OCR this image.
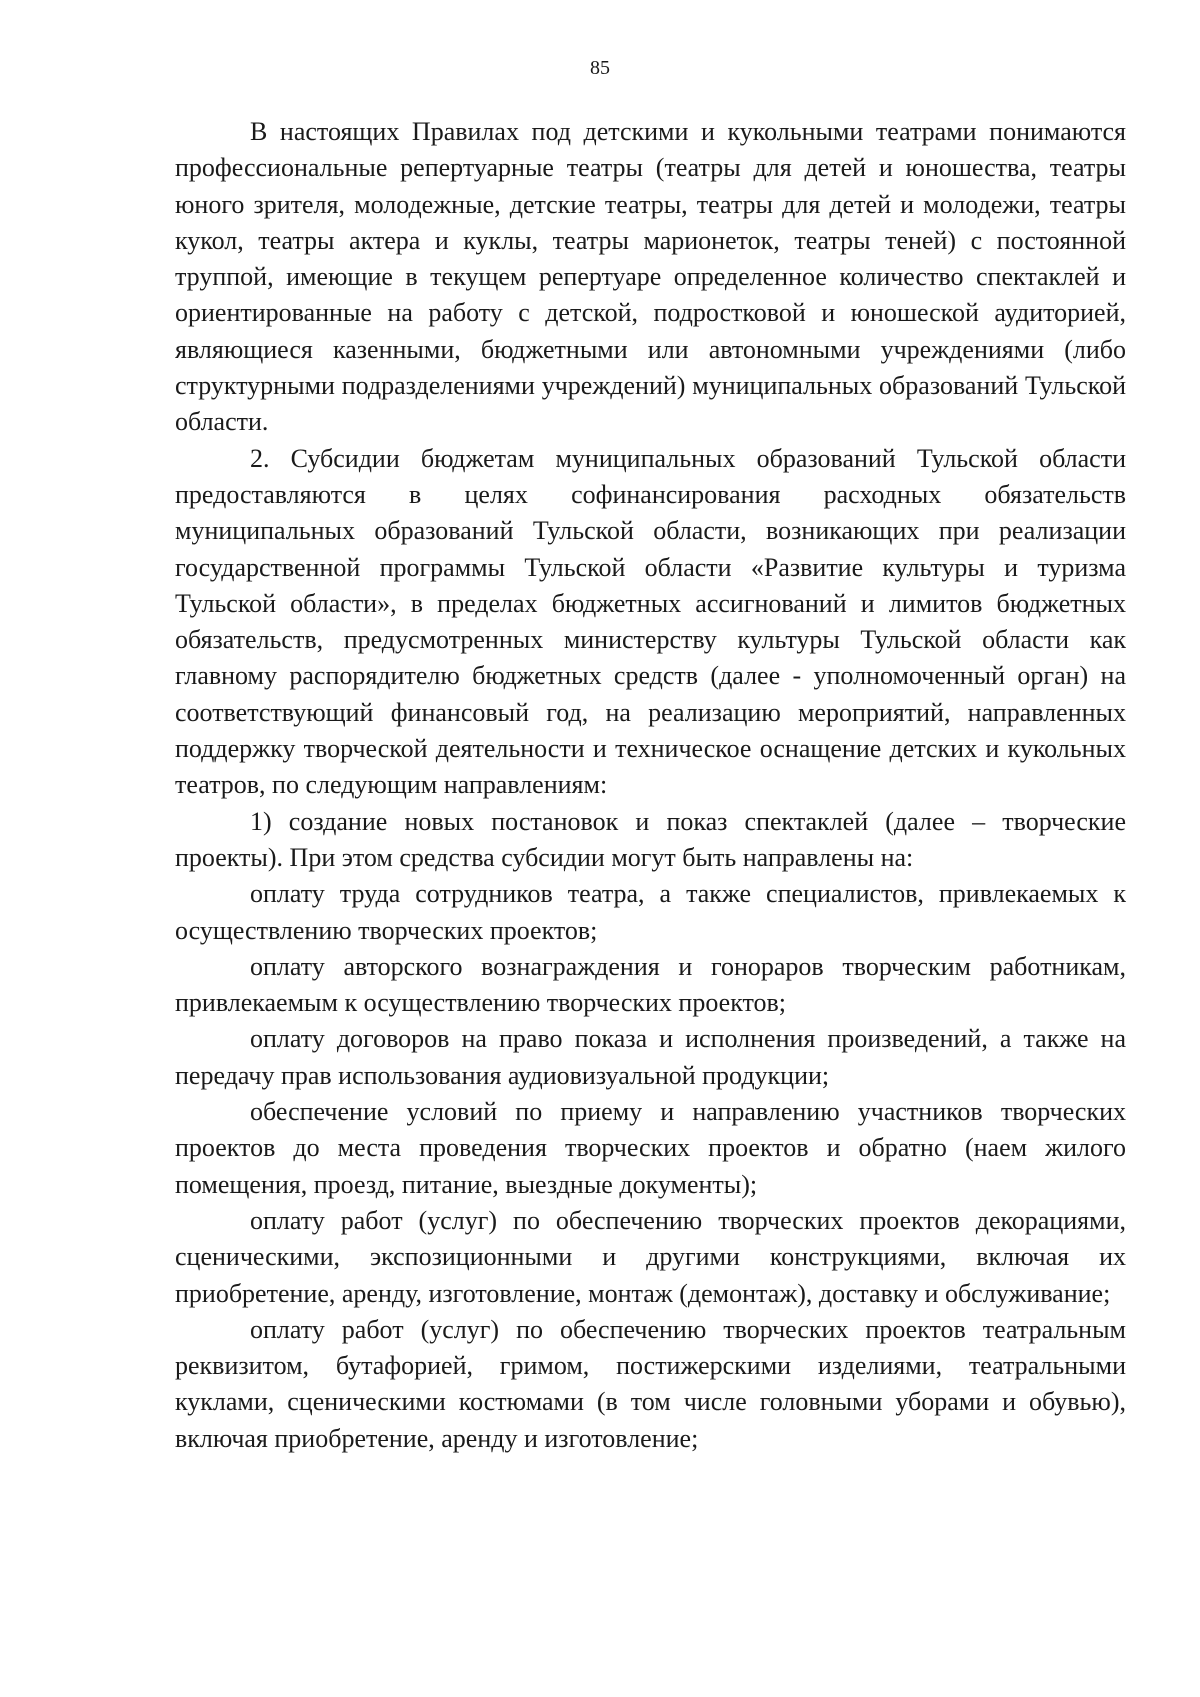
85

В настоящих Правилах под детскими и кукольными театрами понимаются профессиональные репертуарные театры (театры для детей и юношества, театры юного зрителя, молодежные, детские театры, театры для детей и молодежи, театры кукол, театры актера и куклы, театры марионеток, театры теней) с постоянной труппой, имеющие в текущем репертуаре определенное количество спектаклей и ориентированные на работу с детской, подростковой и юношеской аудиторией, являющиеся казенными, бюджетными или автономными учреждениями (либо структурными подразделениями учреждений) муниципальных образований Тульской области.

2. Субсидии бюджетам муниципальных образований Тульской области предоставляются в целях софинансирования расходных обязательств муниципальных образований Тульской области, возникающих при реализации государственной программы Тульской области «Развитие культуры и туризма Тульской области», в пределах бюджетных ассигнований и лимитов бюджетных обязательств, предусмотренных министерству культуры Тульской области как главному распорядителю бюджетных средств (далее - уполномоченный орган) на соответствующий финансовый год, на реализацию мероприятий, направленных поддержку творческой деятельности и техническое оснащение детских и кукольных театров, по следующим направлениям:

1) создание новых постановок и показ спектаклей (далее – творческие проекты). При этом средства субсидии могут быть направлены на:

оплату труда сотрудников театра, а также специалистов, привлекаемых к осуществлению творческих проектов;

оплату авторского вознаграждения и гонораров творческим работникам, привлекаемым к осуществлению творческих проектов;

оплату договоров на право показа и исполнения произведений, а также на передачу прав использования аудиовизуальной продукции;

обеспечение условий по приему и направлению участников творческих проектов до места проведения творческих проектов и обратно (наем жилого помещения, проезд, питание, выездные документы);

оплату работ (услуг) по обеспечению творческих проектов декорациями, сценическими, экспозиционными и другими конструкциями, включая их приобретение, аренду, изготовление, монтаж (демонтаж), доставку и обслуживание;

оплату работ (услуг) по обеспечению творческих проектов театральным реквизитом, бутафорией, гримом, постижерскими изделиями, театральными куклами, сценическими костюмами (в том числе головными уборами и обувью), включая приобретение, аренду и изготовление;
